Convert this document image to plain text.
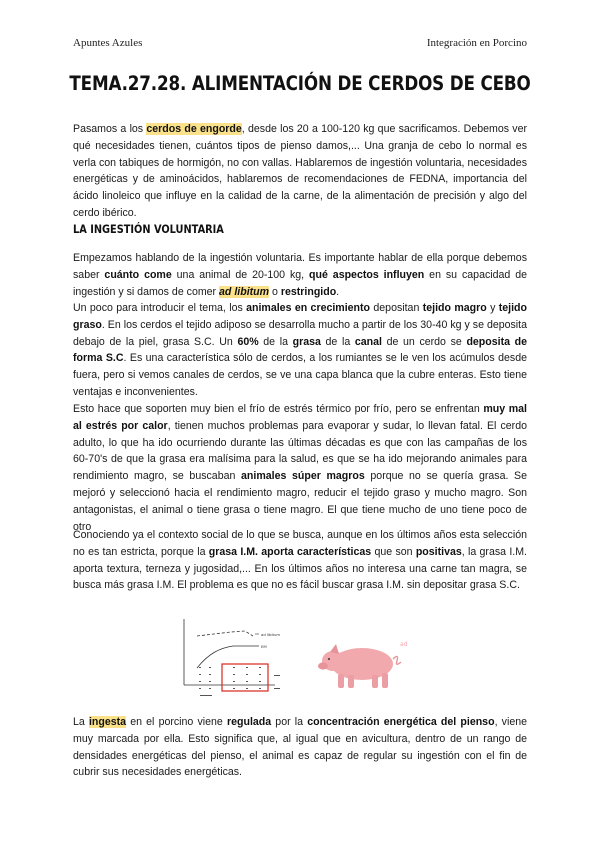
Apuntes Azules	Integración en Porcino
TEMA.27.28. ALIMENTACIÓN DE CERDOS DE CEBO

Pasamos a los cerdos de engorde, desde los 20 a 100-120 kg que sacrificamos. Debemos ver qué necesidades tienen, cuántos tipos de pienso damos,... Una granja de cebo lo normal es verla con tabiques de hormigón, no con vallas. Hablaremos de ingestión voluntaria, necesidades energéticas y de aminoácidos, hablaremos de recomendaciones de FEDNA, importancia del ácido linoleico que influye en la calidad de la carne, de la alimentación de precisión y algo del cerdo ibérico.

LA INGESTIÓN VOLUNTARIA

Empezamos hablando de la ingestión voluntaria. Es importante hablar de ella porque debemos saber cuánto come una animal de 20-100 kg, qué aspectos influyen en su capacidad de ingestión y si damos de comer ad libitum o restringido.

Un poco para introducir el tema, los animales en crecimiento depositan tejido magro y tejido graso. En los cerdos el tejido adiposo se desarrolla mucho a partir de los 30-40 kg y se deposita debajo de la piel, grasa S.C. Un 60% de la grasa de la canal de un cerdo se deposita de forma S.C. Es una característica sólo de cerdos, a los rumiantes se le ven los acúmulos desde fuera, pero si vemos canales de cerdos, se ve una capa blanca que la cubre enteras. Esto tiene ventajas e inconvenientes.

Esto hace que soporten muy bien el frío de estrés térmico por frío, pero se enfrentan muy mal al estrés por calor, tienen muchos problemas para evaporar y sudar, lo llevan fatal. El cerdo adulto, lo que ha ido ocurriendo durante las últimas décadas es que con las campañas de los 60-70's de que la grasa era malísima para la salud, es que se ha ido mejorando animales para rendimiento magro, se buscaban animales súper magros porque no se quería grasa. Se mejoró y seleccionó hacia el rendimiento magro, reducir el tejido graso y mucho magro. Son antagonistas, el animal o tiene grasa o tiene magro. El que tiene mucho de uno tiene poco de otro

Conociendo ya el contexto social de lo que se busca, aunque en los últimos años esta selección no es tan estricta, porque la grasa I.M. aporta características que son positivas, la grasa I.M. aporta textura, terneza y jugosidad,... En los últimos años no interesa una carne tan magra, se busca más grasa I.M. El problema es que no es fácil buscar grasa I.M. sin depositar grasa S.C.

ad libitum
EM	ad

La ingesta en el porcino viene regulada por la concentración energética del pienso, viene muy marcada por ella. Esto significa que, al igual que en avicultura, dentro de un rango de densidades energéticas del pienso, el animal es capaz de regular su ingestión con el fin de cubrir sus necesidades energéticas.
